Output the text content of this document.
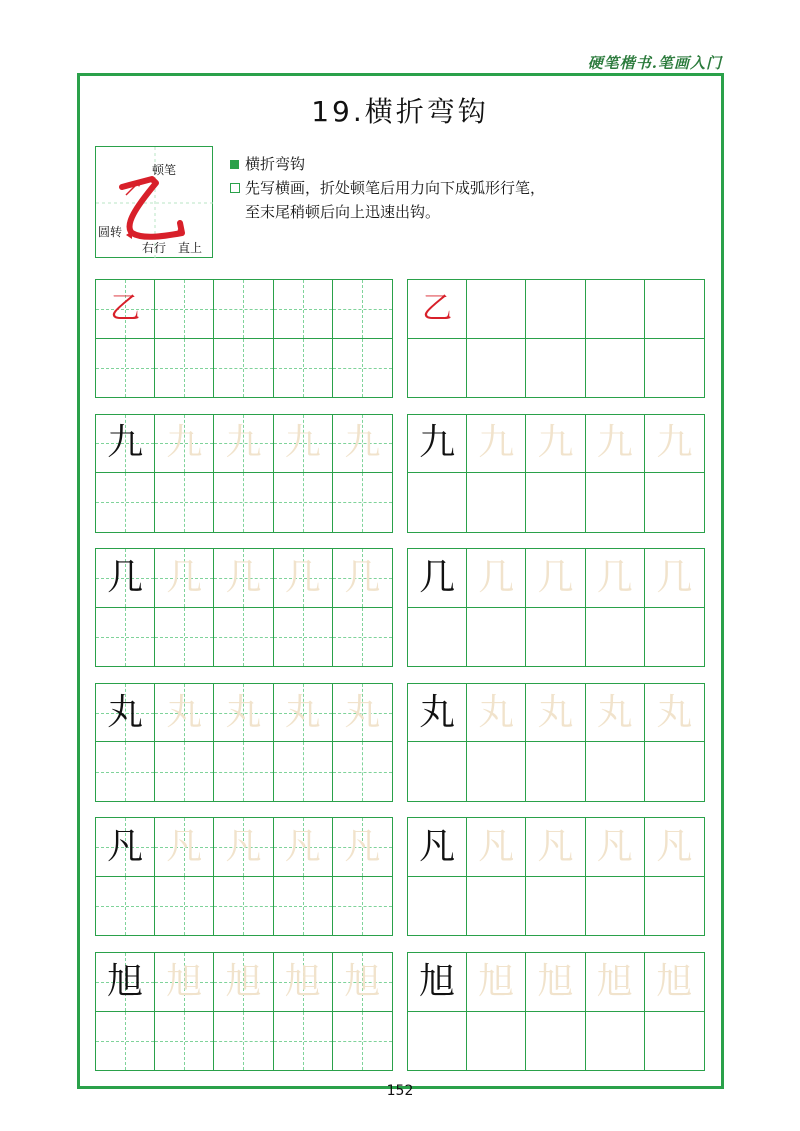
硬笔楷书.笔画入门
19.横折弯钩
顿笔
圆转
右行 直上
横折弯钩
先写横画，折处顿笔后用力向下成弧形行笔，
至末尾稍顿后向上迅速出钩。
乙	乙
九 九 九 九 九 九 九 九 九 九
几 几 几 几 几 几 几 几 几 几
丸 丸 丸 丸 丸 丸 丸 丸 丸 丸
凡 凡 凡 凡 凡 凡 凡 凡 凡 凡
旭 旭 旭 旭 旭 旭 旭 旭 旭 旭
152
